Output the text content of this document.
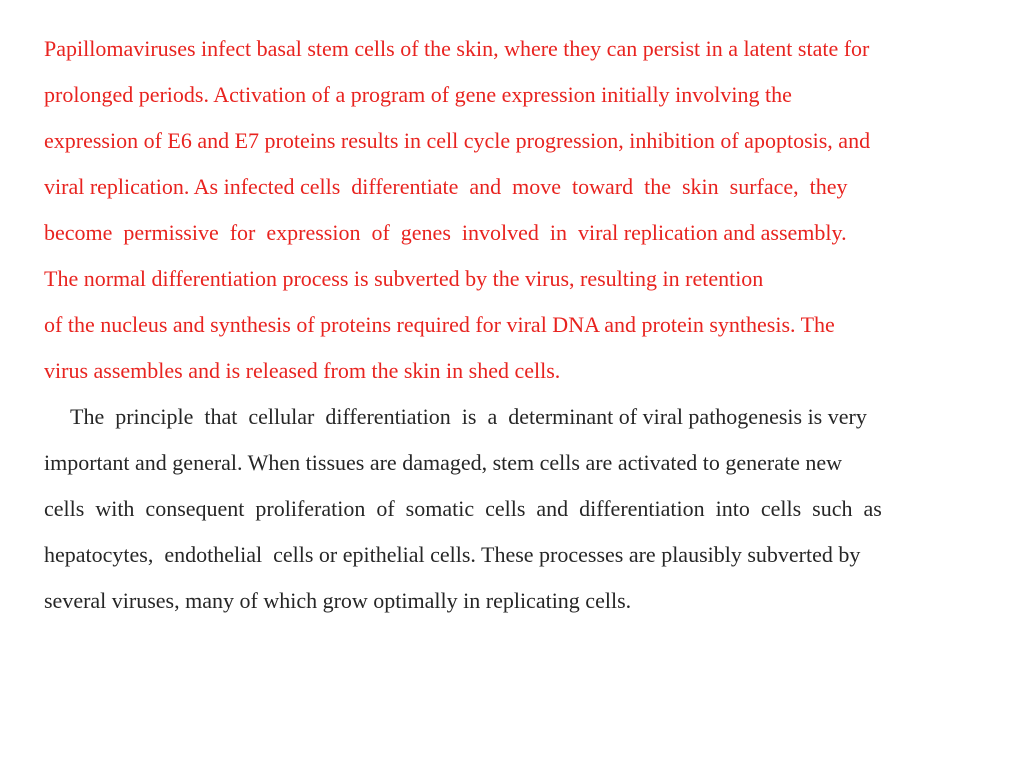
Papillomaviruses infect basal stem cells of the skin, where they can persist in a latent state for
prolonged periods. Activation of a program of gene expression initially involving the
expression of E6 and E7 proteins results in cell cycle progression, inhibition of apoptosis, and
viral replication. As infected cells  differentiate  and  move  toward  the  skin  surface,  they
become  permissive  for  expression  of  genes  involved  in  viral replication and assembly.
The normal differentiation process is subverted by the virus, resulting in retention
of the nucleus and synthesis of proteins required for viral DNA and protein synthesis. The
virus assembles and is released from the skin in shed cells.
The  principle  that  cellular  differentiation  is  a  determinant of viral pathogenesis is very
important and general. When tissues are damaged, stem cells are activated to generate new
cells  with  consequent  proliferation  of  somatic  cells  and  differentiation  into  cells  such  as
hepatocytes,  endothelial  cells or epithelial cells. These processes are plausibly subverted by
several viruses, many of which grow optimally in replicating cells.
